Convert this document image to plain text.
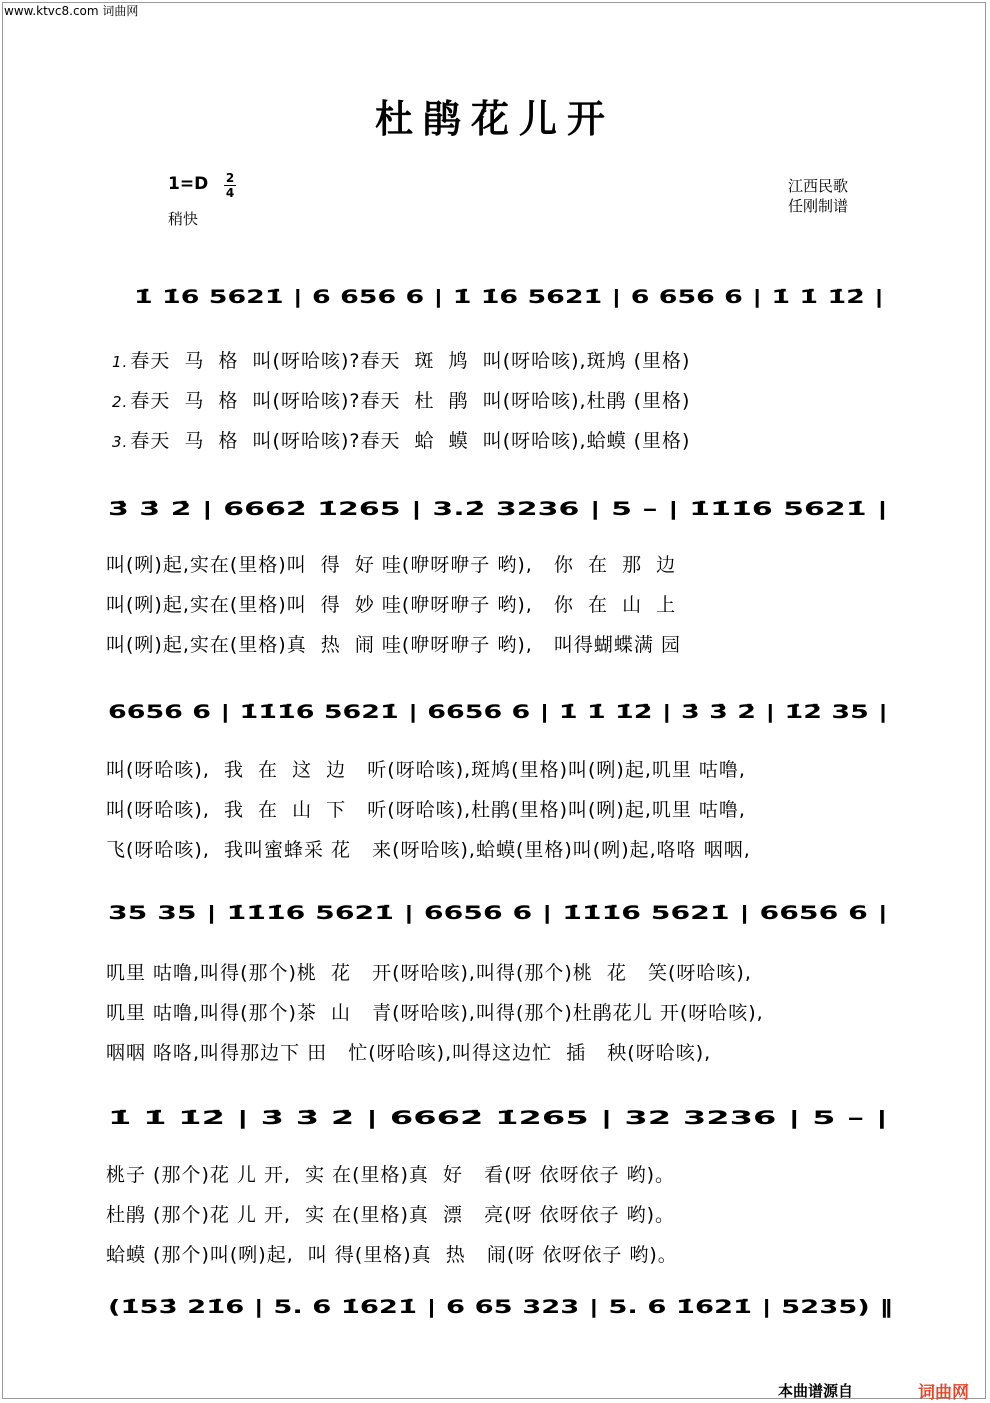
www.ktvc8.com 词曲网
杜鹃花儿开
1=D 2
4
稍快
江西民歌
任刚制谱
1̇ 1̇6 5621̇ | 6 656 6 | 1̇ 1̇6 5621̇ | 6 656 6 | 1̇ 1̇ 1̇2̇ |
3̇ 3̇ 2̇ | 6662̇ 1̇265 | 3.2̇ 3236 | 5 – | 1̇1̇1̇6 5621̇ |
6656 6 | 1̇1̇1̇6 5621̇ | 6656 6 | 1̇ 1̇ 1̇2̇ | 3̇ 3̇ 2̇ | 1̇2̇ 35 |
35 35 | 1̇1̇1̇6 5621̇ | 6656 6 | 1̇1̇1̇6 5621̇ | 6656 6 |
1̇ 1̇ 1̇2̇ | 3̇ 3̇ 2̇ | 6662̇ 1̇265 | 32 3236 | 5 – |
(1̇53̇ 21̇6 | 5. 6 1̇621̇ | 6 65 323 | 5. 6 1̇621̇ | 5235) ‖
1. 春天  马  格  叫(呀哈咳)?春天  斑  鸠  叫(呀哈咳),斑鸠 (里格)
2. 春天  马  格  叫(呀哈咳)?春天  杜  鹃  叫(呀哈咳),杜鹃 (里格)
3. 春天  马  格  叫(呀哈咳)?春天  蛤  蟆  叫(呀哈咳),蛤蟆 (里格)
叫(咧)起,实在(里格)叫  得  好 哇(咿呀咿子 哟),   你  在  那  边
叫(咧)起,实在(里格)叫  得  妙 哇(咿呀咿子 哟),   你  在  山  上
叫(咧)起,实在(里格)真  热  闹 哇(咿呀咿子 哟),   叫得蝴蝶满 园
叫(呀哈咳),  我  在  这  边   听(呀哈咳),斑鸠(里格)叫(咧)起,叽里 咕噜,
叫(呀哈咳),  我  在  山  下   听(呀哈咳),杜鹃(里格)叫(咧)起,叽里 咕噜,
飞(呀哈咳),  我叫蜜蜂采 花   来(呀哈咳),蛤蟆(里格)叫(咧)起,咯咯 咽咽,
叽里 咕噜,叫得(那个)桃  花   开(呀哈咳),叫得(那个)桃  花   笑(呀哈咳),
叽里 咕噜,叫得(那个)茶  山   青(呀哈咳),叫得(那个)杜鹃花儿 开(呀哈咳),
咽咽 咯咯,叫得那边下 田   忙(呀哈咳),叫得这边忙  插   秧(呀哈咳),
桃子 (那个)花 儿 开,  实 在(里格)真  好   看(呀 依呀依子 哟)。
杜鹃 (那个)花 儿 开,  实 在(里格)真  漂   亮(呀 依呀依子 哟)。
蛤蟆 (那个)叫(咧)起,  叫 得(里格)真  热   闹(呀 依呀依子 哟)。
本曲谱源自	词曲网
